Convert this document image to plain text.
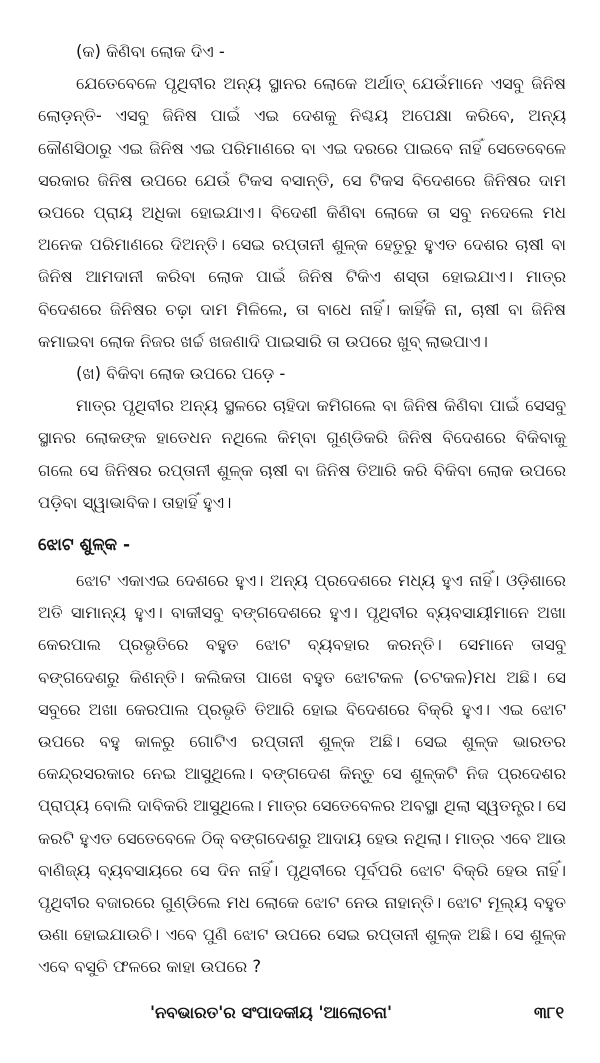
(କ) କିଣିବା ଲୋକ ଦିଏ -

ଯେତେବେଳେ ପୃଥିବୀର ଅନ୍ୟ ସ୍ଥାନର ଲୋକେ ଅର୍ଥାତ୍ ଯେଉଁମାନେ ଏସବୁ ଜିନିଷ ଲୋଡ଼ନ୍ତି- ଏସବୁ ଜିନିଷ ପାଇଁ ଏଇ ଦେଶକୁ ନିଶ୍ଚୟ ଅପେକ୍ଷା କରିବେ, ଅନ୍ୟ କୌଣସିଠାରୁ ଏଇ ଜିନିଷ ଏଇ ପରିମାଣରେ ବା ଏଇ ଦରରେ ପାଇବେ ନାହିଁ ସେତେବେଳେ ସରକାର ଜିନିଷ ଉପରେ ଯେଉଁ ଟିକସ ବସାନ୍ତି, ସେ ଟିକସ ବିଦେଶରେ ଜିନିଷର ଦାମ ଉପରେ ପ୍ରାୟ ଅଧିକା ହୋଇଯାଏ। ବିଦେଶୀ କିଣିବା ଲୋକେ ତା ସବୁ ନଦେଲେ ମଧ ଅନେକ ପରିମାଣରେ ଦିଅନ୍ତି। ସେଇ ରପ୍ତାନୀ ଶୁଳ୍କ ହେତୁରୁ ହୁଏତ ଦେଶର ଚାଷୀ ବା ଜିନିଷ ଆମଦାନୀ କରିବା ଲୋକ ପାଇଁ ଜିନିଷ ଟିକିଏ ଶସ୍ତା ହୋଇଯାଏ। ମାତ୍ର ବିଦେଶରେ ଜିନିଷର ଚଢ଼ା ଦାମ ମିଳିଲେ, ତା ବାଧେ ନାହିଁ। କାହିଁକି ନା, ଚାଷୀ ବା ଜିନିଷ କମାଇବା ଲୋକ ନିଜର ଖର୍ଚ୍ଚ ଖଜଣାଦି ପାଇସାରି ତା ଉପରେ ଖୁବ୍ ଲାଭପାଏ।

(ଖ) ବିକିବା ଲୋକ ଉପରେ ପଡ଼େ -

ମାତ୍ର ପୃଥିବୀର ଅନ୍ୟ ସ୍ଥଳରେ ଚାହିଦା କମିଗଲେ ବା ଜିନିଷ କିଣିବା ପାଇଁ ସେସବୁ ସ୍ଥାନର ଲୋକଙ୍କ ହାତେଧନ ନଥିଲେ କିମ୍ବା ଗୁଣ୍ଡିକରି ଜିନିଷ ବିଦେଶରେ ବିକିବାକୁ ଗଲେ ସେ ଜିନିଷର ରପ୍ତାନୀ ଶୁଳ୍କ ଚାଷୀ ବା ଜିନିଷ ତିଆରି କରି ବିକିବା ଲୋକ ଉପରେ ପଡ଼ିବା ସ୍ୱାଭାବିକ। ତାହାହିଁ ହୁଏ।

ଝୋଟ ଶୁଳ୍କ -

ଝୋଟ ଏକାଏଇ ଦେଶରେ ହୁଏ। ଅନ୍ୟ ପ୍ରଦେଶରେ ମଧ୍ୟ ହୁଏ ନାହିଁ। ଓଡ଼ିଶାରେ ଅତି ସାମାନ୍ୟ ହୁଏ। ବାକୀସବୁ ବଙ୍ଗଦେଶରେ ହୁଏ। ପୃଥିବୀର ବ୍ୟବସାୟୀମାନେ ଅଖା କେରପାଲ ପ୍ରଭୃତିରେ ବହୁତ ଝୋଟ ବ୍ୟବହାର କରନ୍ତି। ସେମାନେ ତାସବୁ ବଙ୍ଗଦେଶରୁ କିଣନ୍ତି। କଲିକତା ପାଖେ ବହୁତ ଝୋଟକଳ (ଚଟକଳ)ମଧ ଅଛି। ସେ ସବୁରେ ଅଖା କେରପାଲ ପ୍ରଭୃତି ତିଆରି ହୋଇ ବିଦେଶରେ ବିକ୍ରି ହୁଏ। ଏଇ ଝୋଟ ଉପରେ ବହୁ କାଳରୁ ଗୋଟିଏ ରପ୍ତାନୀ ଶୁଳ୍କ ଅଛି। ସେଇ ଶୁଳ୍କ ଭାରତର କେନ୍ଦ୍ରସରକାର ନେଇ ଆସୁଥିଲେ। ବଙ୍ଗଦେଶ କିନ୍ତୁ ସେ ଶୁଳ୍କଟି ନିଜ ପ୍ରଦେଶର ପ୍ରାପ୍ୟ ବୋଲି ଦାବିକରି ଆସୁଥିଲେ। ମାତ୍ର ସେତେବେଳର ଅବସ୍ଥା ଥିଲା ସ୍ୱତନ୍ତ୍ର। ସେ କରଟି ହୁଏତ ସେତେବେଳେ ଠିକ୍ ବଙ୍ଗଦେଶରୁ ଆଦାୟ ହେଉ ନଥିଲା। ମାତ୍ର ଏବେ ଆଉ ବାଣିଜ୍ୟ ବ୍ୟବସାୟରେ ସେ ଦିନ ନାହିଁ। ପୃଥିବୀରେ ପୂର୍ବପରି ଝୋଟ ବିକ୍ରି ହେଉ ନାହିଁ। ପୃଥିବୀର ବଜାରରେ ଗୁଣ୍ଡିଲେ ମଧ ଲୋକେ ଝୋଟ ନେଉ ନାହାନ୍ତି। ଝୋଟ ମୂଲ୍ୟ ବହୁତ ଊଣା ହୋଇଯାଉଚି। ଏବେ ପୁଣି ଝୋଟ ଉପରେ ସେଇ ରପ୍ତାନୀ ଶୁଳ୍କ ଅଛି। ସେ ଶୁଳ୍କ ଏବେ ବସୁଚି ଫଳରେ କାହା ଉପରେ ?

'ନବଭାରତ'ର ସଂପାଦକୀୟ 'ଆଲୋଚନା'	୩୮୧
